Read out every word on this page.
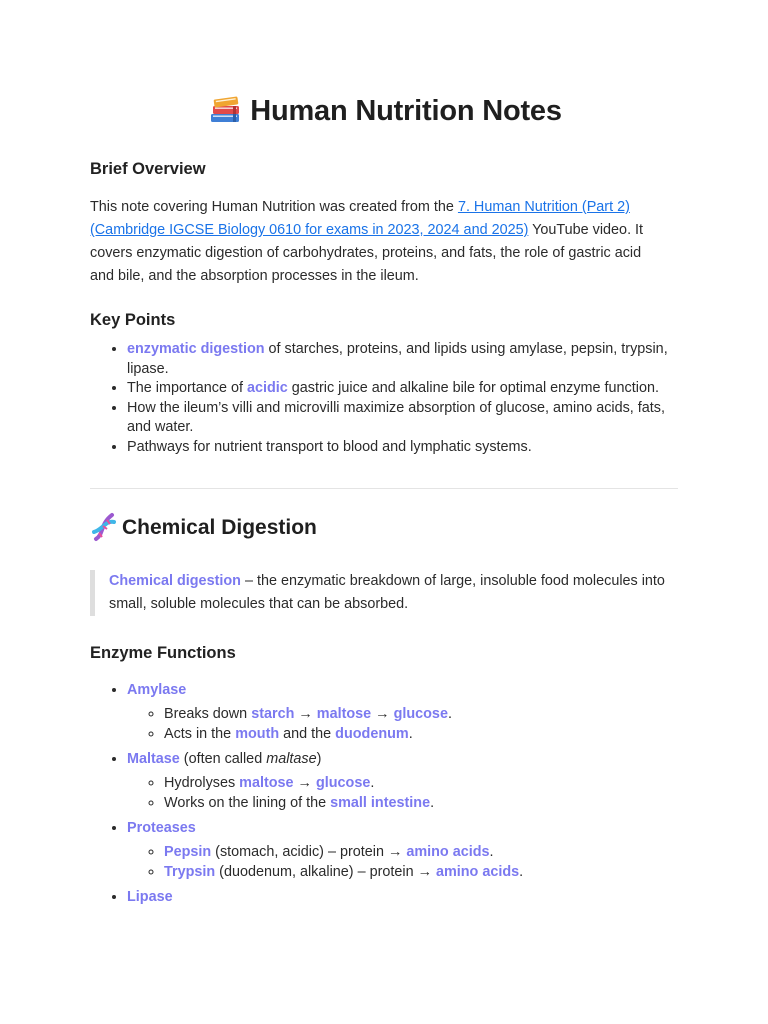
Human Nutrition Notes
Brief Overview

This note covering Human Nutrition was created from the 7. Human Nutrition (Part 2) (Cambridge IGCSE Biology 0610 for exams in 2023, 2024 and 2025) YouTube video. It covers enzymatic digestion of carbohydrates, proteins, and fats, the role of gastric acid and bile, and the absorption processes in the ileum.

Key Points
• enzymatic digestion of starches, proteins, and lipids using amylase, pepsin, trypsin, lipase.
• The importance of acidic gastric juice and alkaline bile for optimal enzyme function.
• How the ileum’s villi and microvilli maximize absorption of glucose, amino acids, fats, and water.
• Pathways for nutrient transport to blood and lymphatic systems.
Chemical Digestion
Chemical digestion – the enzymatic breakdown of large, insoluble food molecules into small, soluble molecules that can be absorbed.
Enzyme Functions
• Amylase
◦ Breaks down starch → maltose → glucose.
◦ Acts in the mouth and the duodenum.
• Maltase (often called maltase)
◦ Hydrolyses maltose → glucose.
◦ Works on the lining of the small intestine.
• Proteases
◦ Pepsin (stomach, acidic) – protein → amino acids.
◦ Trypsin (duodenum, alkaline) – protein → amino acids.
• Lipase
